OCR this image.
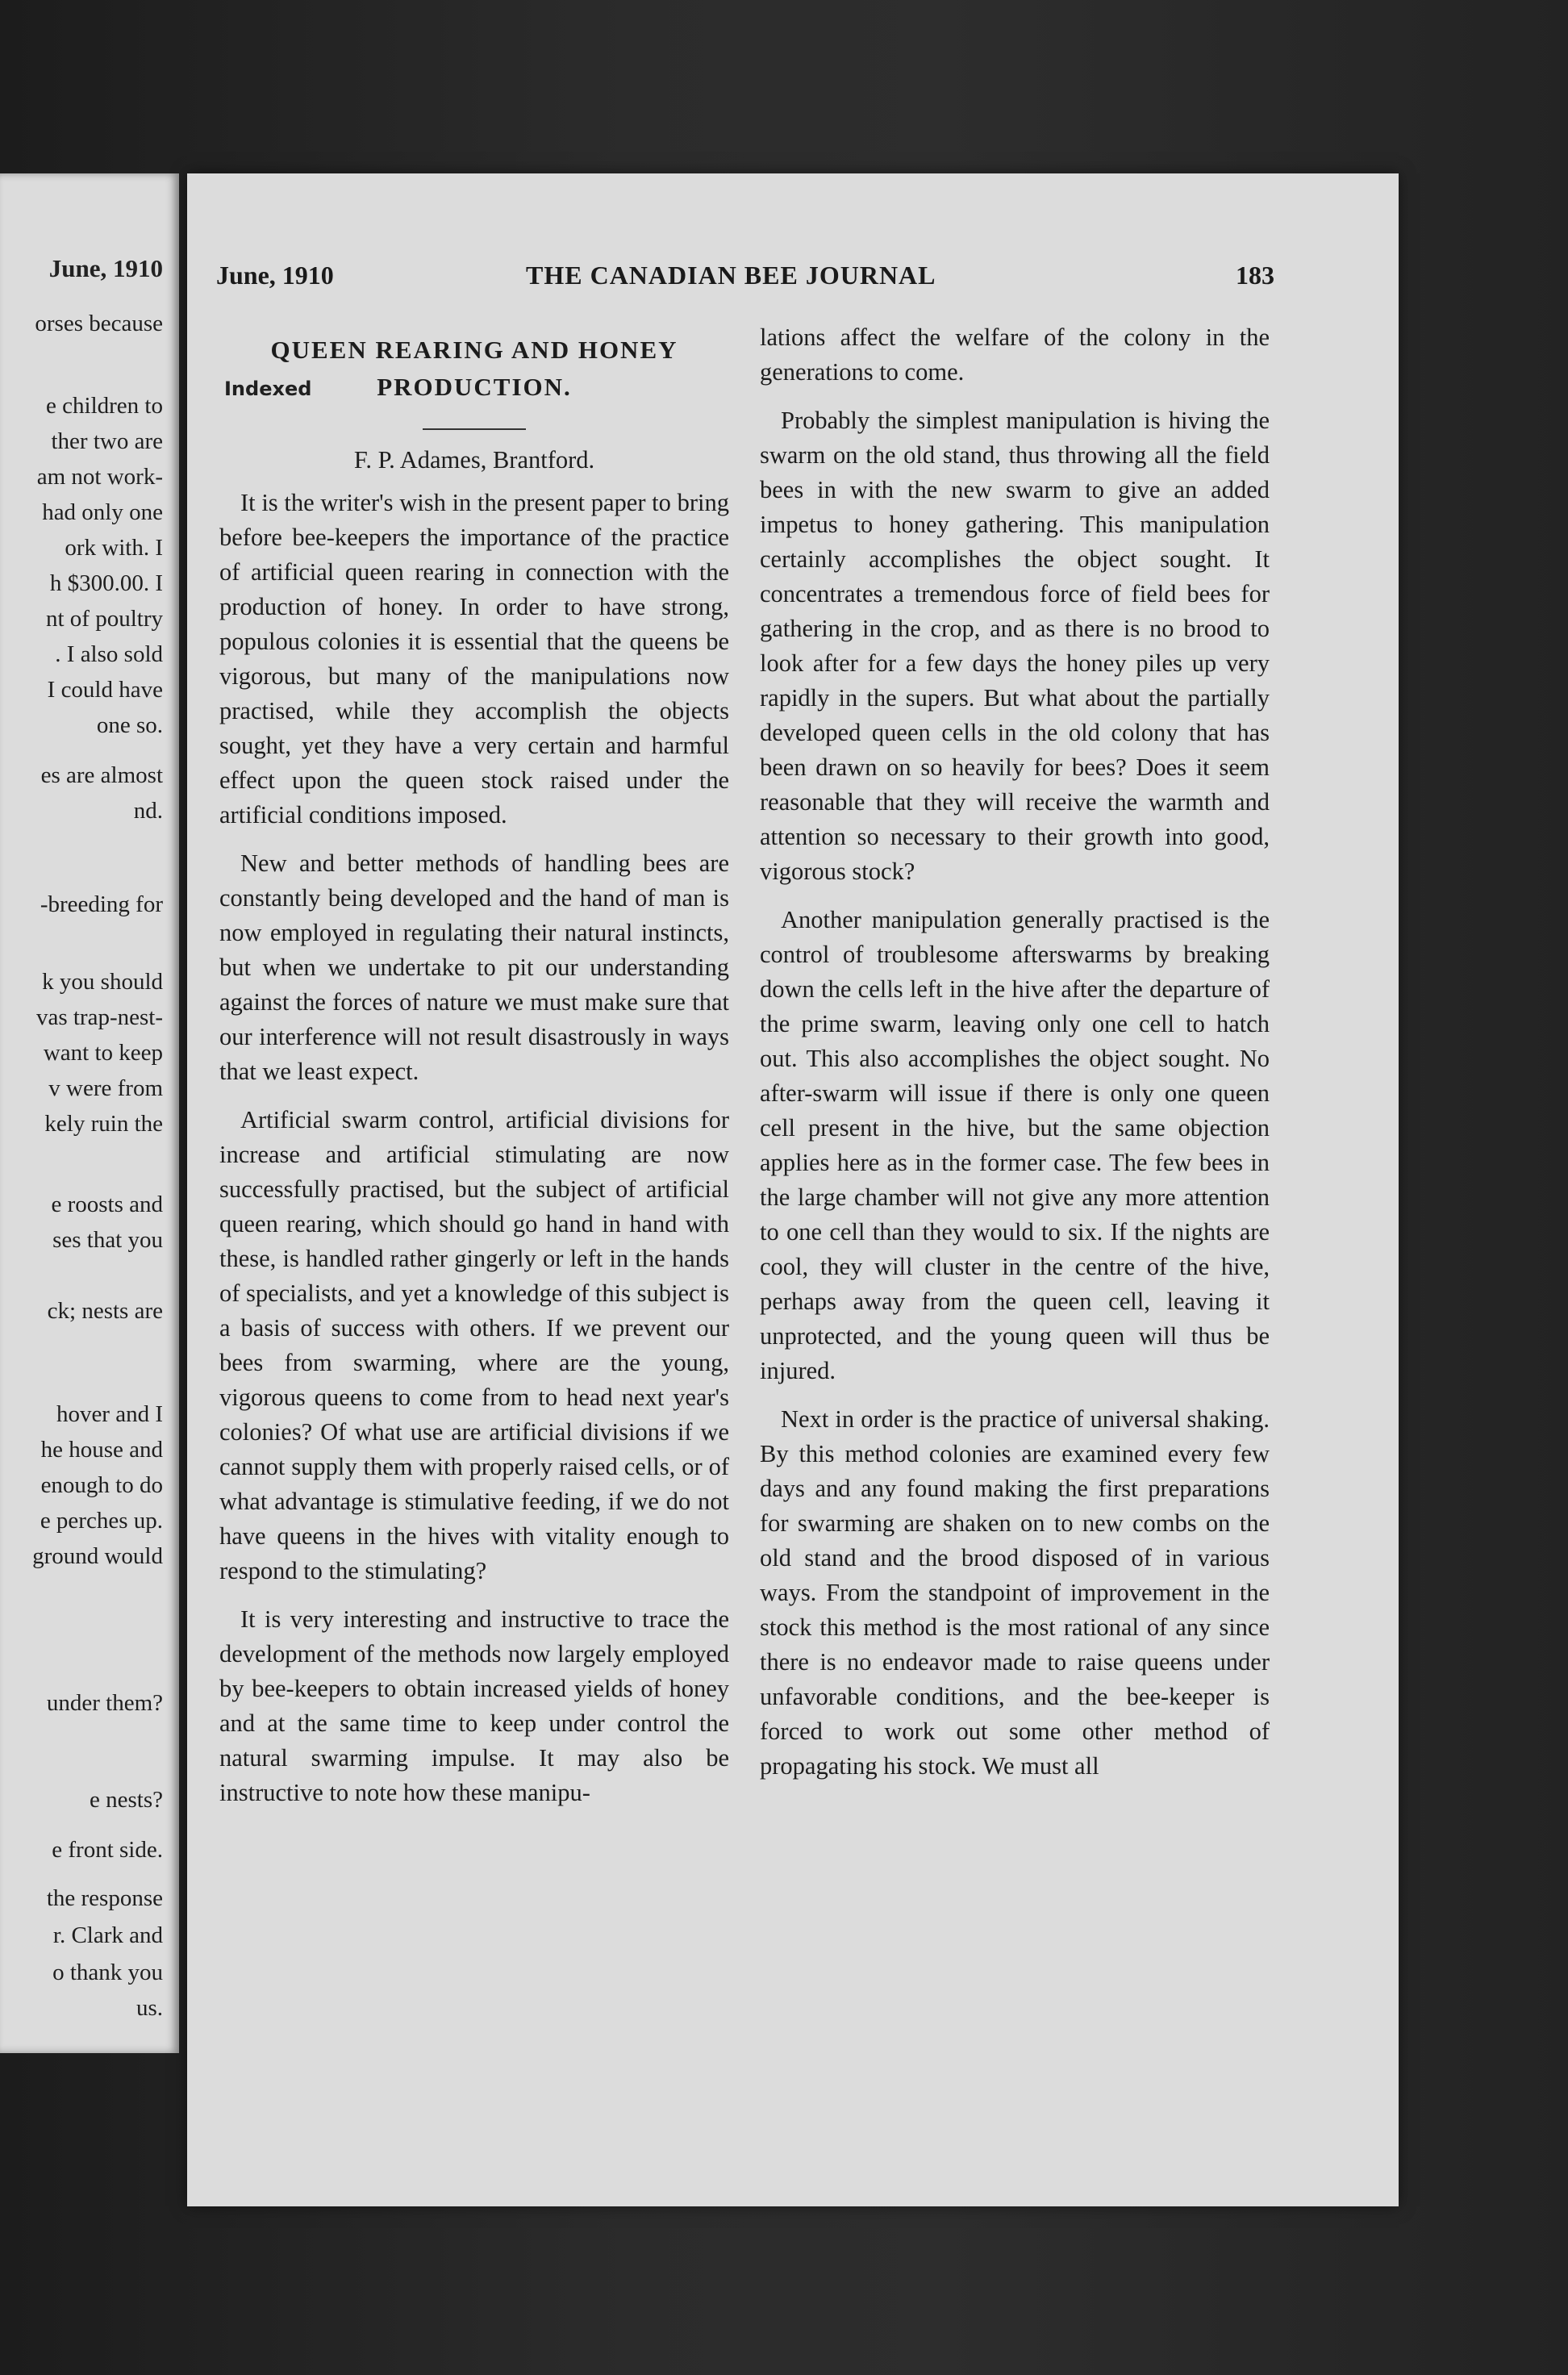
June, 1910
orses because
e children to
ther two are
am not work-
had only one
ork with. I
h $300.00. I
nt of poultry
. I also sold
I could have
one so.
es are almost
nd.
-breeding for
k you should
vas trap-nest-
want to keep
v were from
kely ruin the
e roosts and
ses that you
ck; nests are
hover and I
he house and
enough to do
e perches up.
ground would
under them?
e nests?
e front side.
the response
r. Clark and
o thank you
us.
June, 1910	THE CANADIAN BEE JOURNAL	183
QUEEN REARING AND HONEY PRODUCTION.
Indexed
F. P. Adames, Brantford.

It is the writer's wish in the present paper to bring before bee-keepers the importance of the practice of artificial queen rearing in connection with the production of honey. In order to have strong, populous colonies it is essential that the queens be vigorous, but many of the manipulations now practised, while they accomplish the objects sought, yet they have a very certain and harmful effect upon the queen stock raised under the artificial conditions imposed.

New and better methods of handling bees are constantly being developed and the hand of man is now employed in regulating their natural instincts, but when we undertake to pit our understanding against the forces of nature we must make sure that our interference will not result disastrously in ways that we least expect.

Artificial swarm control, artificial divisions for increase and artificial stimulating are now successfully practised, but the subject of artificial queen rearing, which should go hand in hand with these, is handled rather gingerly or left in the hands of specialists, and yet a knowledge of this subject is a basis of success with others. If we prevent our bees from swarming, where are the young, vigorous queens to come from to head next year's colonies? Of what use are artificial divisions if we cannot supply them with properly raised cells, or of what advantage is stimulative feeding, if we do not have queens in the hives with vitality enough to respond to the stimulating?

It is very interesting and instructive to trace the development of the methods now largely employed by bee-keepers to obtain increased yields of honey and at the same time to keep under control the natural swarming impulse. It may also be instructive to note how these manipu-

lations affect the welfare of the colony in the generations to come.

Probably the simplest manipulation is hiving the swarm on the old stand, thus throwing all the field bees in with the new swarm to give an added impetus to honey gathering. This manipulation certainly accomplishes the object sought. It concentrates a tremendous force of field bees for gathering in the crop, and as there is no brood to look after for a few days the honey piles up very rapidly in the supers. But what about the partially developed queen cells in the old colony that has been drawn on so heavily for bees? Does it seem reasonable that they will receive the warmth and attention so necessary to their growth into good, vigorous stock?

Another manipulation generally practised is the control of troublesome afterswarms by breaking down the cells left in the hive after the departure of the prime swarm, leaving only one cell to hatch out. This also accomplishes the object sought. No after-swarm will issue if there is only one queen cell present in the hive, but the same objection applies here as in the former case. The few bees in the large chamber will not give any more attention to one cell than they would to six. If the nights are cool, they will cluster in the centre of the hive, perhaps away from the queen cell, leaving it unprotected, and the young queen will thus be injured.

Next in order is the practice of universal shaking. By this method colonies are examined every few days and any found making the first preparations for swarming are shaken on to new combs on the old stand and the brood disposed of in various ways. From the standpoint of improvement in the stock this method is the most rational of any since there is no endeavor made to raise queens under unfavorable conditions, and the bee-keeper is forced to work out some other method of propagating his stock. We must all
